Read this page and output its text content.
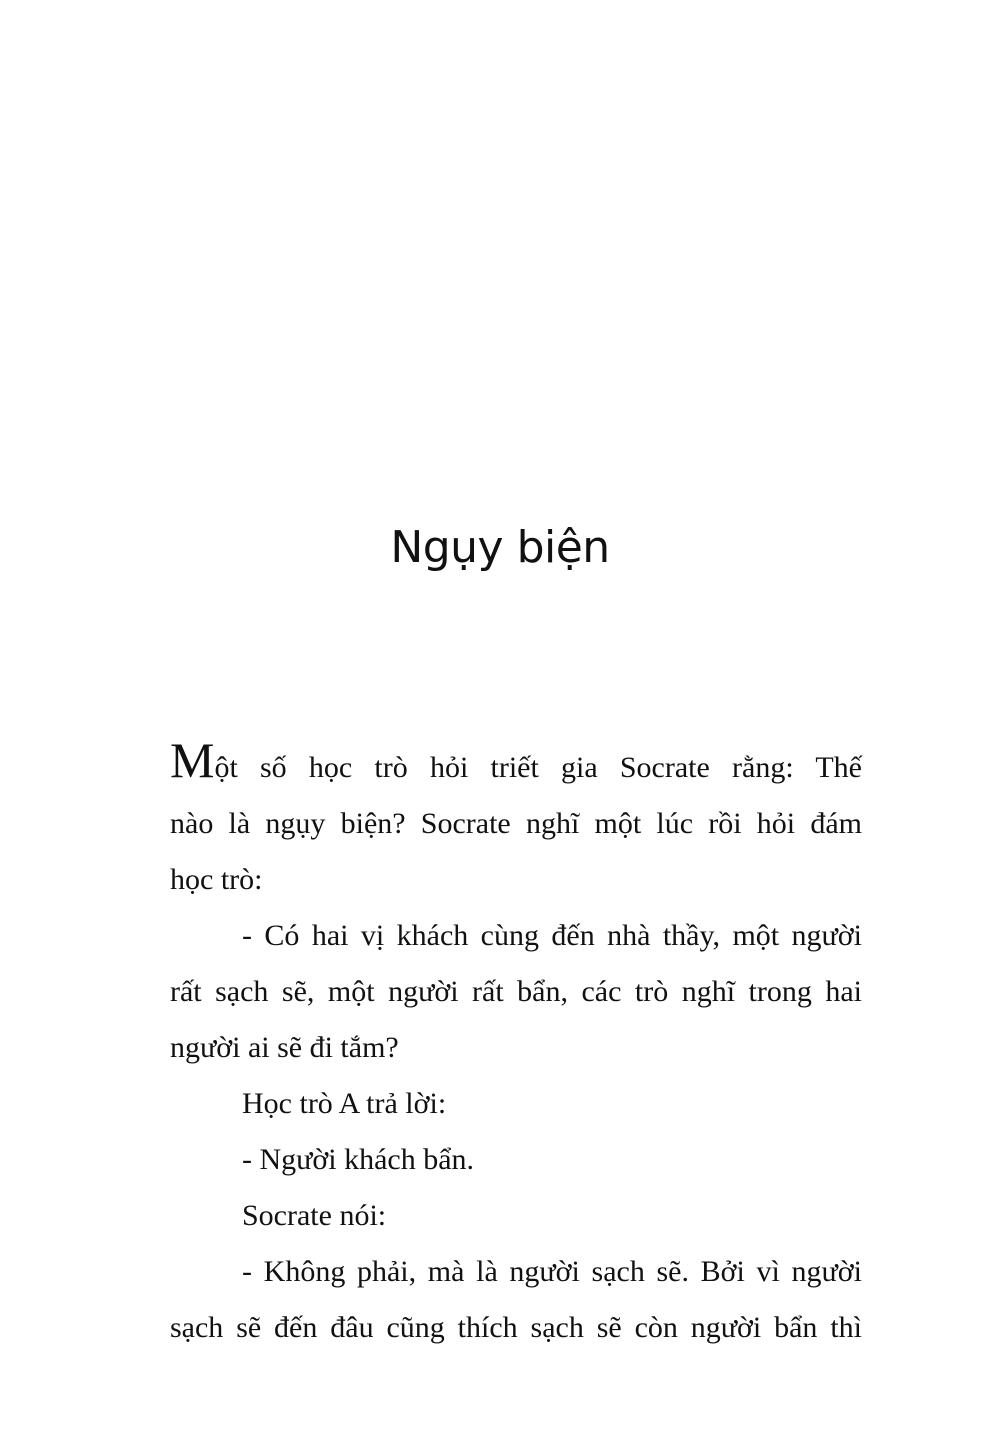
Ngụy biện
Một số học trò hỏi triết gia Socrate rằng: Thế
nào là ngụy biện? Socrate nghĩ một lúc rồi hỏi đám
học trò:
- Có hai vị khách cùng đến nhà thầy, một người
rất sạch sẽ, một người rất bẩn, các trò nghĩ trong hai
người ai sẽ đi tắm?
Học trò A trả lời:
- Người khách bẩn.
Socrate nói:
- Không phải, mà là người sạch sẽ. Bởi vì người
sạch sẽ đến đâu cũng thích sạch sẽ còn người bẩn thì
